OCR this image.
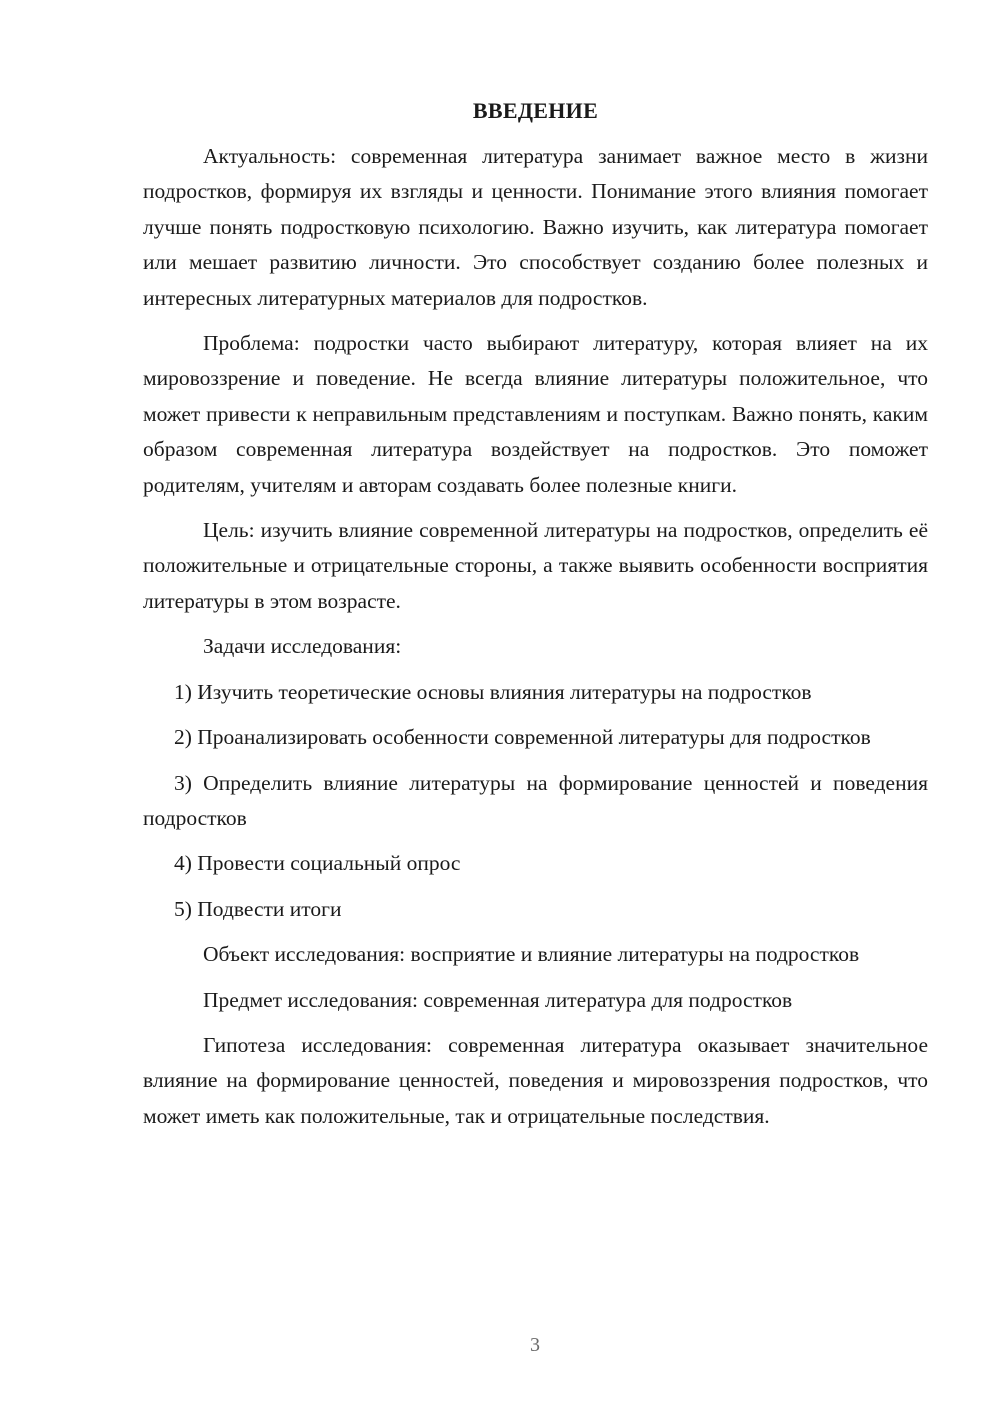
ВВЕДЕНИЕ

Актуальность: современная литература занимает важное место в жизни подростков, формируя их взгляды и ценности. Понимание этого влияния помогает лучше понять подростковую психологию. Важно изучить, как литература помогает или мешает развитию личности. Это способствует созданию более полезных и интересных литературных материалов для подростков.

Проблема: подростки часто выбирают литературу, которая влияет на их мировоззрение и поведение. Не всегда влияние литературы положительное, что может привести к неправильным представлениям и поступкам. Важно понять, каким образом современная литература воздействует на подростков. Это поможет родителям, учителям и авторам создавать более полезные книги.

Цель: изучить влияние современной литературы на подростков, определить её положительные и отрицательные стороны, а также выявить особенности восприятия литературы в этом возрасте.

Задачи исследования:

1) Изучить теоретические основы влияния литературы на подростков

2) Проанализировать особенности современной литературы для подростков

3) Определить влияние литературы на формирование ценностей и поведения подростков

4) Провести социальный опрос

5) Подвести итоги

Объект исследования: восприятие и влияние литературы на подростков

Предмет исследования: современная литература для подростков

Гипотеза исследования: современная литература оказывает значительное влияние на формирование ценностей, поведения и мировоззрения подростков, что может иметь как положительные, так и отрицательные последствия.

3
